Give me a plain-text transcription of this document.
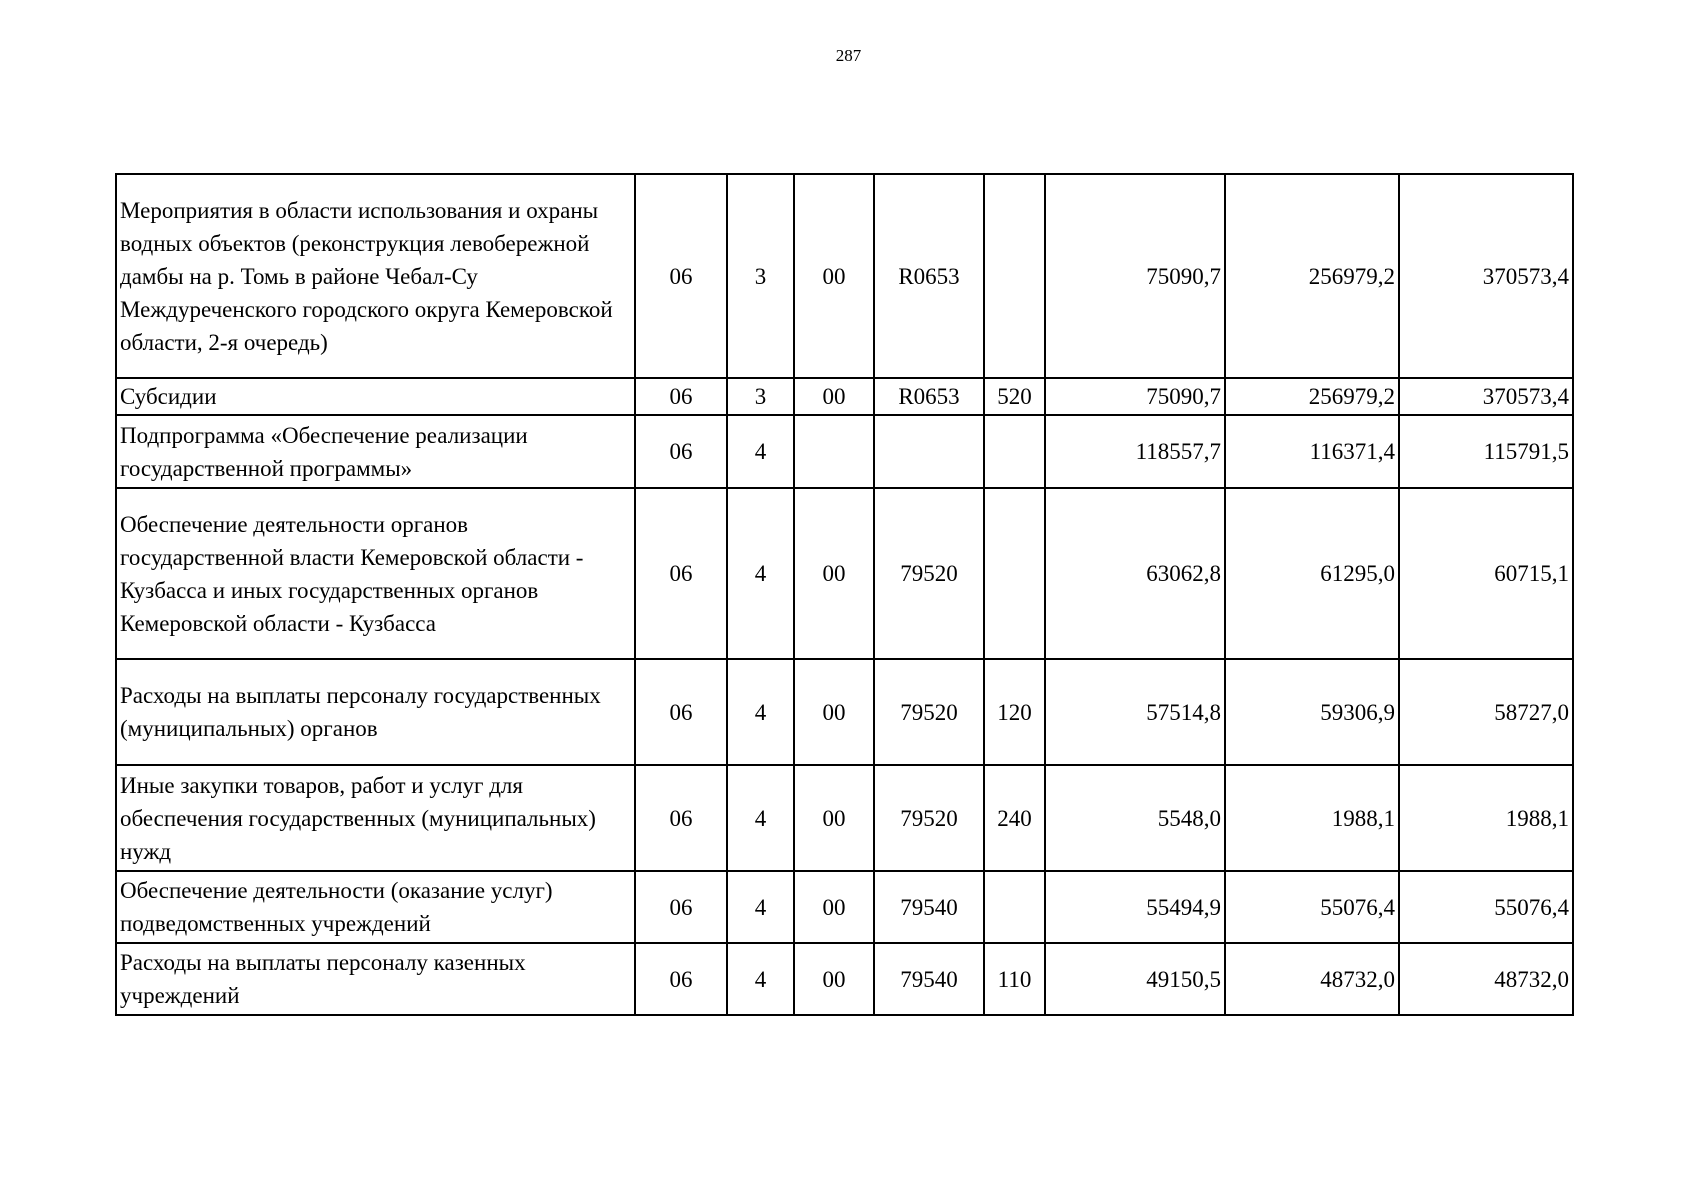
287
Мероприятия в области использования и охраны водных объектов (реконструкция левобережной дамбы на р. Томь в районе Чебал-Су Междуреченского городского округа Кемеровской области, 2-я очередь)	06	3	00	R0653		75090,7	256979,2	370573,4
Субсидии	06	3	00	R0653	520	75090,7	256979,2	370573,4
Подпрограмма «Обеспечение реализации государственной программы»	06	4				118557,7	116371,4	115791,5
Обеспечение деятельности органов государственной власти Кемеровской области - Кузбасса и иных государственных органов Кемеровской области - Кузбасса	06	4	00	79520		63062,8	61295,0	60715,1
Расходы на выплаты персоналу государственных (муниципальных) органов	06	4	00	79520	120	57514,8	59306,9	58727,0
Иные закупки товаров, работ и услуг для обеспечения государственных (муниципальных) нужд	06	4	00	79520	240	5548,0	1988,1	1988,1
Обеспечение деятельности (оказание услуг) подведомственных учреждений	06	4	00	79540		55494,9	55076,4	55076,4
Расходы на выплаты персоналу казенных учреждений	06	4	00	79540	110	49150,5	48732,0	48732,0
